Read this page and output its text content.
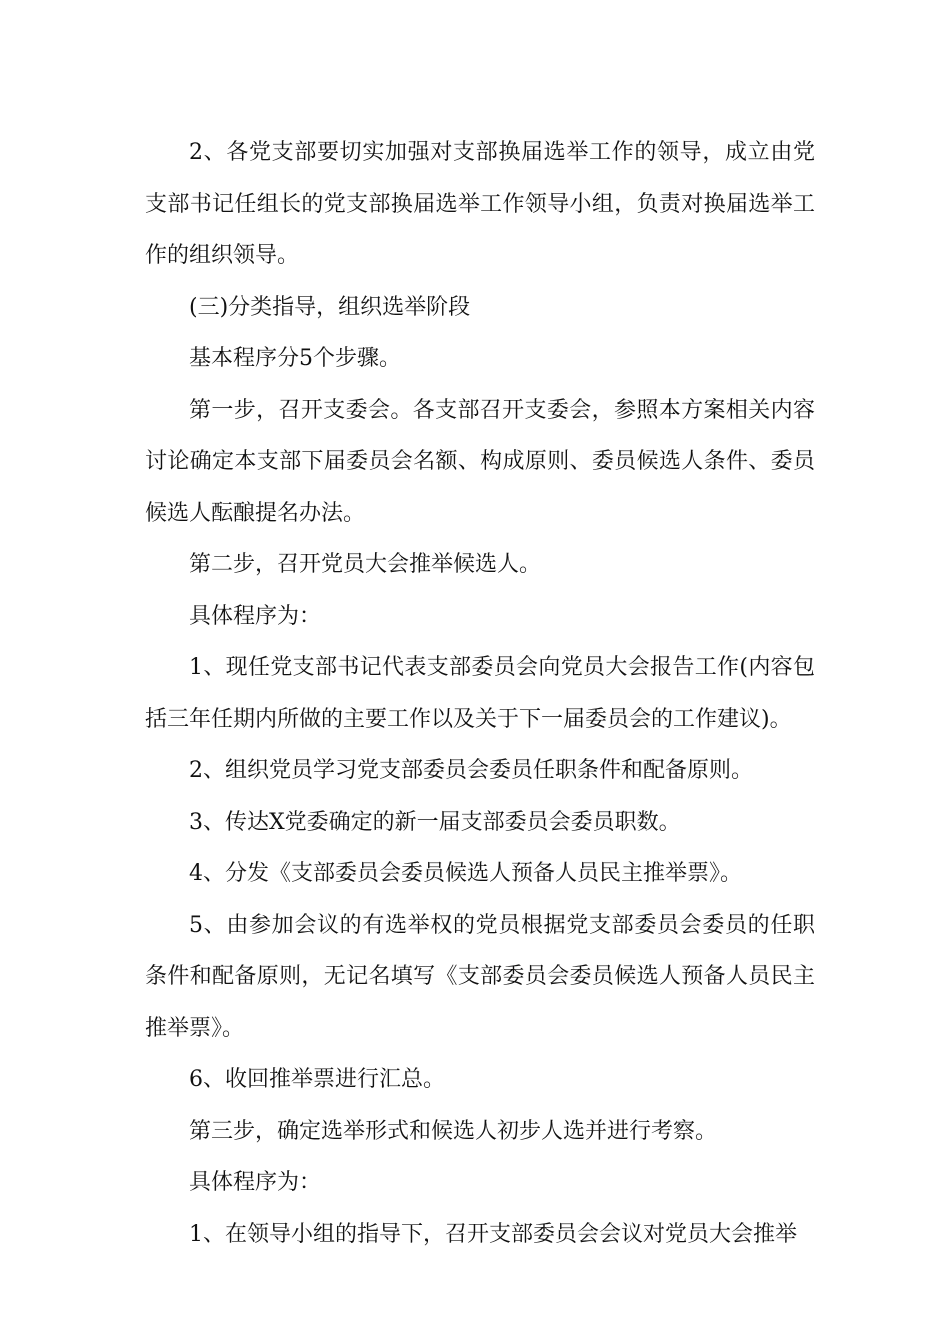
2、各党支部要切实加强对支部换届选举工作的领导，成立由党支部书记任组长的党支部换届选举工作领导小组，负责对换届选举工作的组织领导。

(三)分类指导，组织选举阶段

基本程序分5个步骤。

第一步，召开支委会。各支部召开支委会，参照本方案相关内容讨论确定本支部下届委员会名额、构成原则、委员候选人条件、委员候选人酝酿提名办法。

第二步，召开党员大会推举候选人。

具体程序为：

1、现任党支部书记代表支部委员会向党员大会报告工作(内容包括三年任期内所做的主要工作以及关于下一届委员会的工作建议)。

2、组织党员学习党支部委员会委员任职条件和配备原则。

3、传达X党委确定的新一届支部委员会委员职数。

4、分发《支部委员会委员候选人预备人员民主推举票》。

5、由参加会议的有选举权的党员根据党支部委员会委员的任职条件和配备原则，无记名填写《支部委员会委员候选人预备人员民主推举票》。

6、收回推举票进行汇总。

第三步，确定选举形式和候选人初步人选并进行考察。

具体程序为：

1、在领导小组的指导下，召开支部委员会会议对党员大会推举
